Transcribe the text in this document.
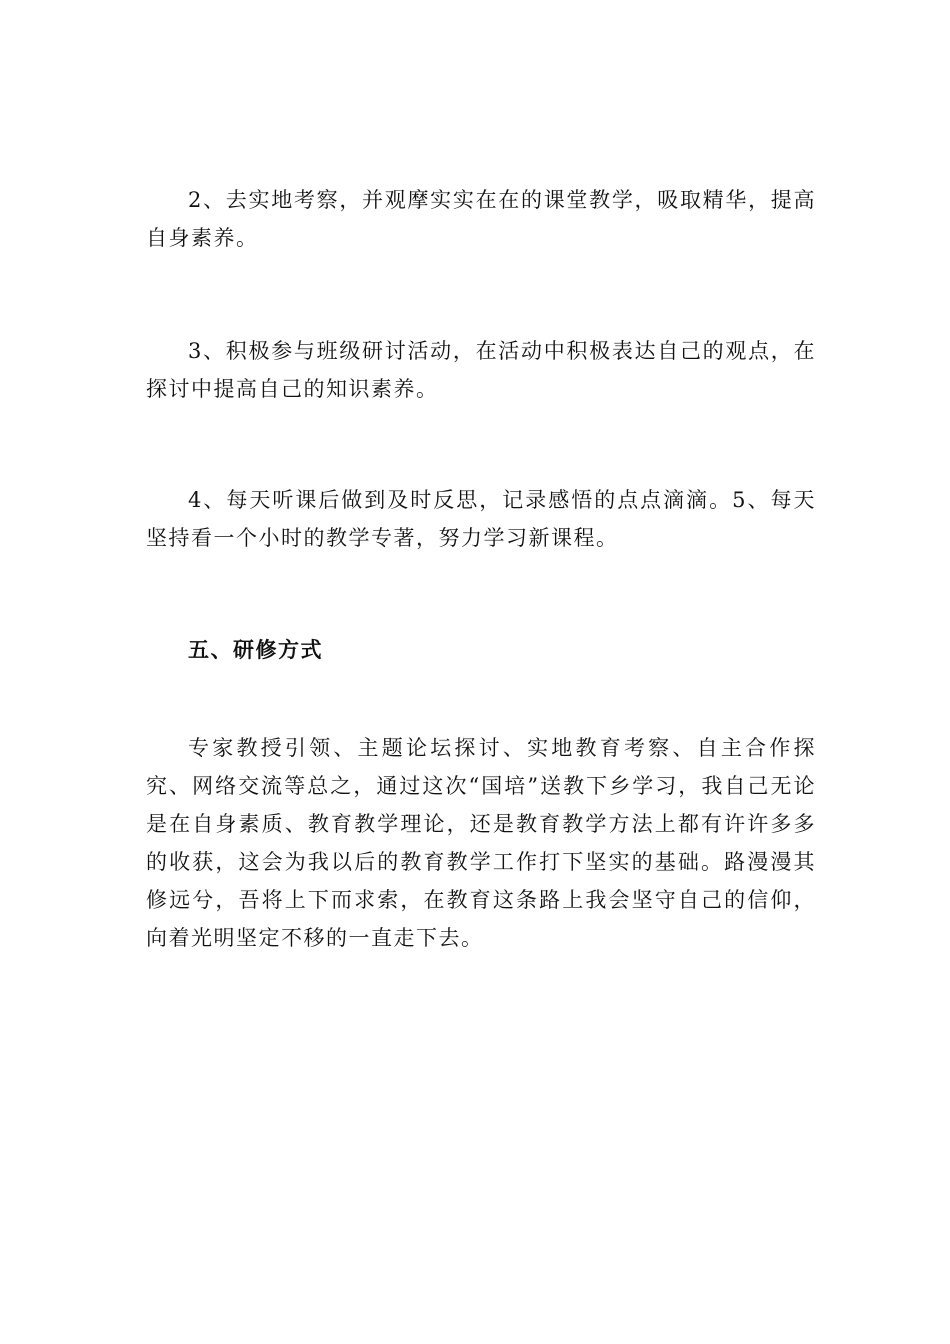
2、去实地考察，并观摩实实在在的课堂教学，吸取精华，提高自身素养。

3、积极参与班级研讨活动，在活动中积极表达自己的观点，在探讨中提高自己的知识素养。

4、每天听课后做到及时反思，记录感悟的点点滴滴。5、每天坚持看一个小时的教学专著，努力学习新课程。

五、研修方式

专家教授引领、主题论坛探讨、实地教育考察、自主合作探究、网络交流等总之，通过这次“国培”送教下乡学习，我自己无论是在自身素质、教育教学理论，还是教育教学方法上都有许许多多的收获，这会为我以后的教育教学工作打下坚实的基础。路漫漫其修远兮，吾将上下而求索，在教育这条路上我会坚守自己的信仰，向着光明坚定不移的一直走下去。
